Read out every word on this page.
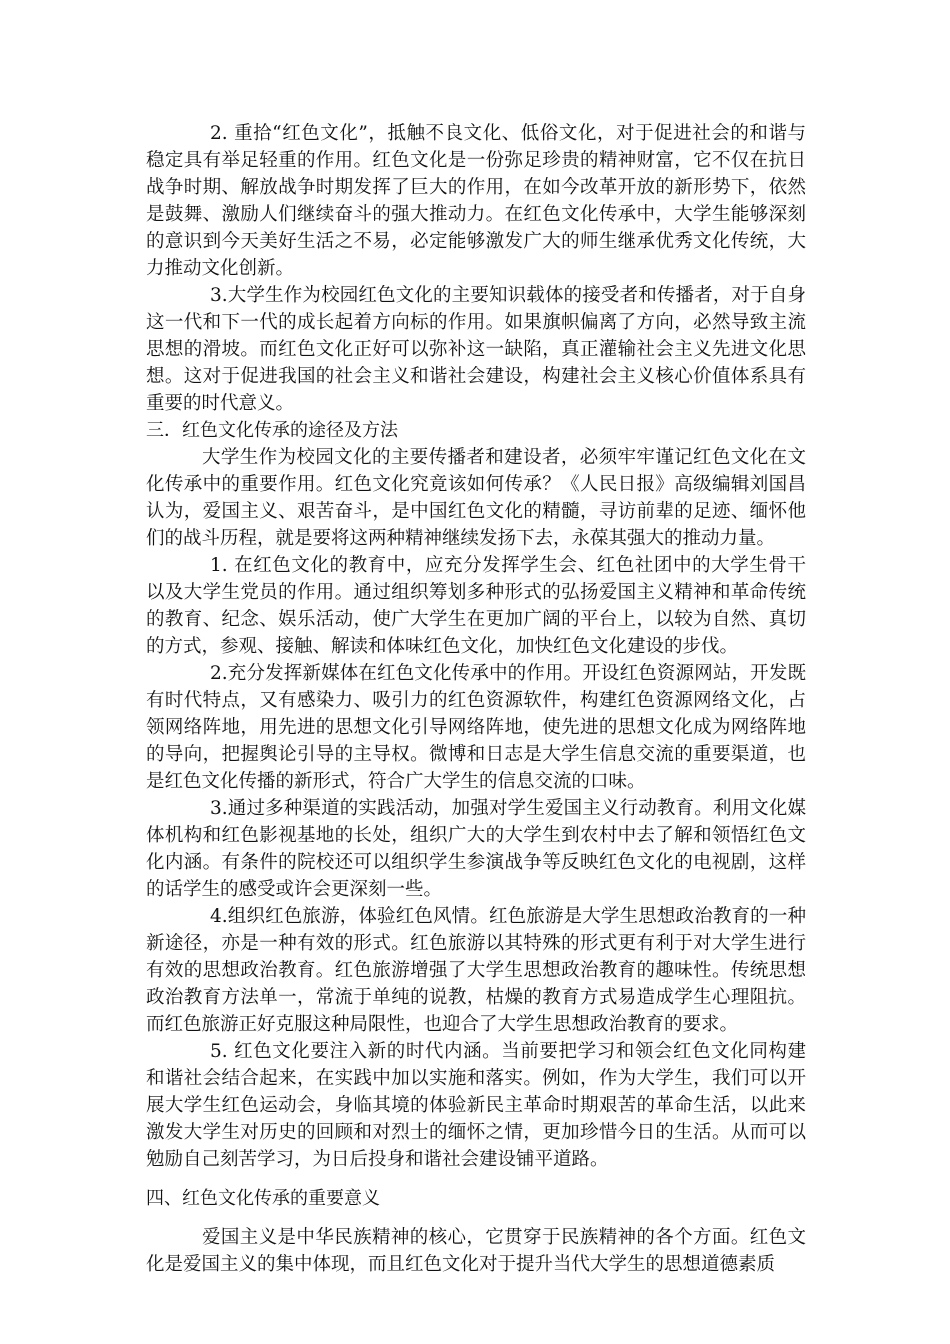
2. 重拾“红色文化”，抵触不良文化、低俗文化，对于促进社会的和谐与稳定具有举足轻重的作用。红色文化是一份弥足珍贵的精神财富，它不仅在抗日战争时期、解放战争时期发挥了巨大的作用，在如今改革开放的新形势下，依然是鼓舞、激励人们继续奋斗的强大推动力。在红色文化传承中，大学生能够深刻的意识到今天美好生活之不易，必定能够激发广大的师生继承优秀文化传统，大力推动文化创新。

3.大学生作为校园红色文化的主要知识载体的接受者和传播者，对于自身这一代和下一代的成长起着方向标的作用。如果旗帜偏离了方向，必然导致主流思想的滑坡。而红色文化正好可以弥补这一缺陷，真正灌输社会主义先进文化思想。这对于促进我国的社会主义和谐社会建设，构建社会主义核心价值体系具有重要的时代意义。

三．红色文化传承的途径及方法

大学生作为校园文化的主要传播者和建设者，必须牢牢谨记红色文化在文化传承中的重要作用。红色文化究竟该如何传承？《人民日报》高级编辑刘国昌认为，爱国主义、艰苦奋斗，是中国红色文化的精髓，寻访前辈的足迹、缅怀他们的战斗历程，就是要将这两种精神继续发扬下去，永葆其强大的推动力量。

1. 在红色文化的教育中，应充分发挥学生会、红色社团中的大学生骨干以及大学生党员的作用。通过组织筹划多种形式的弘扬爱国主义精神和革命传统的教育、纪念、娱乐活动，使广大学生在更加广阔的平台上，以较为自然、真切的方式，参观、接触、解读和体味红色文化，加快红色文化建设的步伐。

2.充分发挥新媒体在红色文化传承中的作用。开设红色资源网站，开发既有时代特点，又有感染力、吸引力的红色资源软件，构建红色资源网络文化，占领网络阵地，用先进的思想文化引导网络阵地，使先进的思想文化成为网络阵地的导向，把握舆论引导的主导权。微博和日志是大学生信息交流的重要渠道，也是红色文化传播的新形式，符合广大学生的信息交流的口味。

3.通过多种渠道的实践活动，加强对学生爱国主义行动教育。利用文化媒体机构和红色影视基地的长处，组织广大的大学生到农村中去了解和领悟红色文化内涵。有条件的院校还可以组织学生参演战争等反映红色文化的电视剧，这样的话学生的感受或许会更深刻一些。

4.组织红色旅游，体验红色风情。红色旅游是大学生思想政治教育的一种新途径，亦是一种有效的形式。红色旅游以其特殊的形式更有利于对大学生进行有效的思想政治教育。红色旅游增强了大学生思想政治教育的趣味性。传统思想政治教育方法单一，常流于单纯的说教，枯燥的教育方式易造成学生心理阻抗。而红色旅游正好克服这种局限性，也迎合了大学生思想政治教育的要求。

5. 红色文化要注入新的时代内涵。当前要把学习和领会红色文化同构建和谐社会结合起来，在实践中加以实施和落实。例如，作为大学生，我们可以开展大学生红色运动会，身临其境的体验新民主革命时期艰苦的革命生活，以此来激发大学生对历史的回顾和对烈士的缅怀之情，更加珍惜今日的生活。从而可以勉励自己刻苦学习，为日后投身和谐社会建设铺平道路。

四、红色文化传承的重要意义

爱国主义是中华民族精神的核心，它贯穿于民族精神的各个方面。红色文化是爱国主义的集中体现，而且红色文化对于提升当代大学生的思想道德素质
